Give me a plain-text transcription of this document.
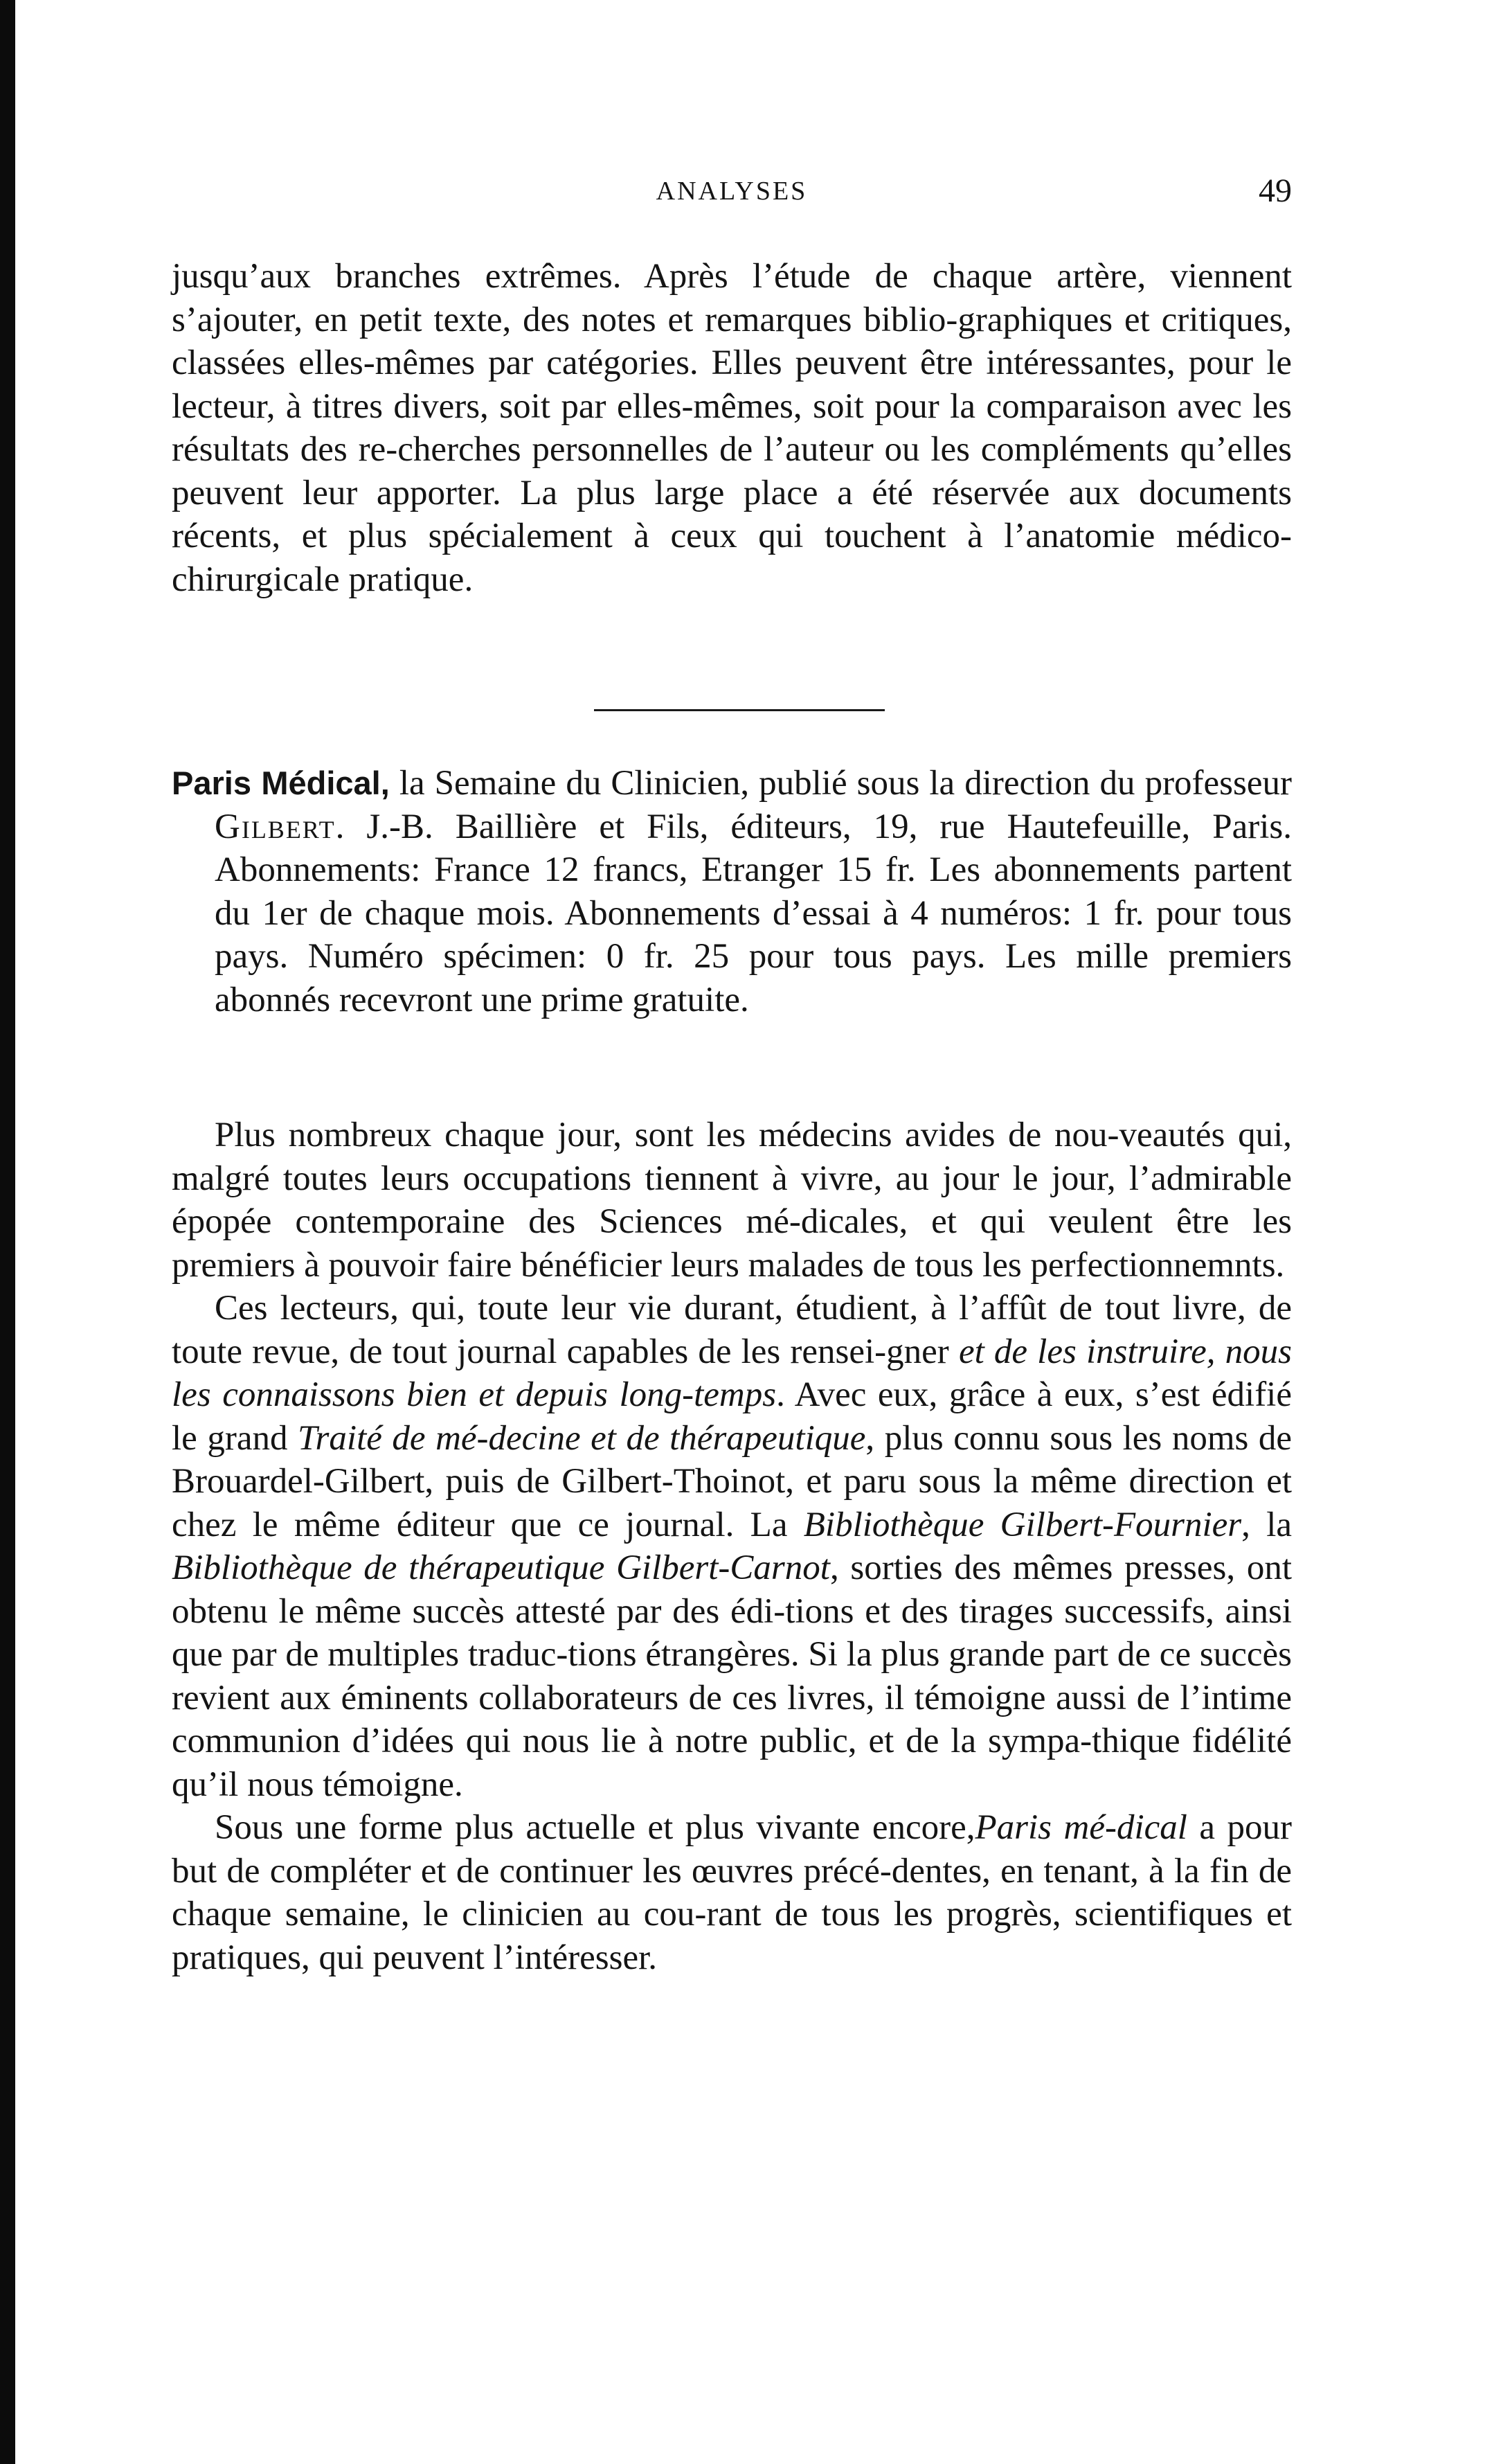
ANALYSES	49
jusqu’aux branches extrêmes. Après l’étude de chaque artère, viennent s’ajouter, en petit texte, des notes et remarques biblio-graphiques et critiques, classées elles-mêmes par catégories. Elles peuvent être intéressantes, pour le lecteur, à titres divers, soit par elles-mêmes, soit pour la comparaison avec les résultats des re-cherches personnelles de l’auteur ou les compléments qu’elles peuvent leur apporter. La plus large place a été réservée aux documents récents, et plus spécialement à ceux qui touchent à l’anatomie médico-chirurgicale pratique.

Paris Médical, la Semaine du Clinicien, publié sous la direction du professeur Gilbert. J.-B. Baillière et Fils, éditeurs, 19, rue Hautefeuille, Paris. Abonnements: France 12 francs, Etranger 15 fr. Les abonnements partent du 1er de chaque mois. Abonnements d’essai à 4 numéros: 1 fr. pour tous pays. Numéro spécimen: 0 fr. 25 pour tous pays. Les mille premiers abonnés recevront une prime gratuite.

Plus nombreux chaque jour, sont les médecins avides de nou-veautés qui, malgré toutes leurs occupations tiennent à vivre, au jour le jour, l’admirable épopée contemporaine des Sciences mé-dicales, et qui veulent être les premiers à pouvoir faire bénéficier leurs malades de tous les perfectionnemnts.

Ces lecteurs, qui, toute leur vie durant, étudient, à l’affût de tout livre, de toute revue, de tout journal capables de les rensei-gner et de les instruire, nous les connaissons bien et depuis long-temps. Avec eux, grâce à eux, s’est édifié le grand Traité de mé-decine et de thérapeutique, plus connu sous les noms de Brouardel-Gilbert, puis de Gilbert-Thoinot, et paru sous la même direction et chez le même éditeur que ce journal. La Bibliothèque Gilbert-Fournier, la Bibliothèque de thérapeutique Gilbert-Carnot, sorties des mêmes presses, ont obtenu le même succès attesté par des édi-tions et des tirages successifs, ainsi que par de multiples traduc-tions étrangères. Si la plus grande part de ce succès revient aux éminents collaborateurs de ces livres, il témoigne aussi de l’intime communion d’idées qui nous lie à notre public, et de la sympa-thique fidélité qu’il nous témoigne.

Sous une forme plus actuelle et plus vivante encore,Paris mé-dical a pour but de compléter et de continuer les œuvres précé-dentes, en tenant, à la fin de chaque semaine, le clinicien au cou-rant de tous les progrès, scientifiques et pratiques, qui peuvent l’intéresser.
